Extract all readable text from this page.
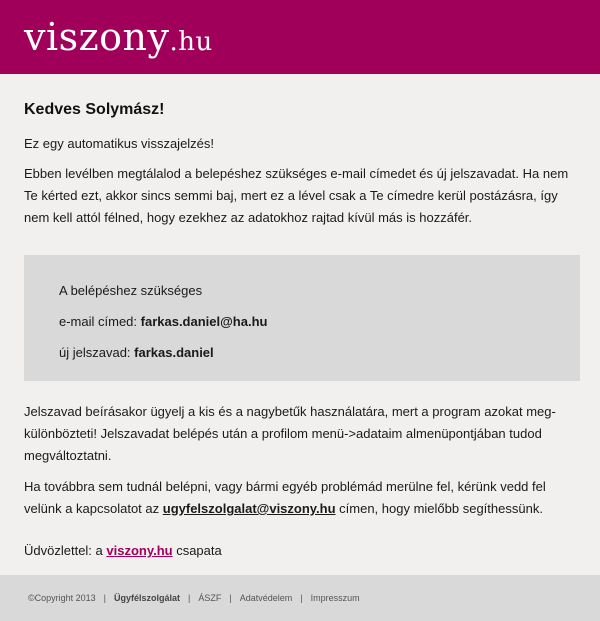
viszony.hu
Kedves Solymász!

Ez egy automatikus visszajelzés!

Ebben levélben megtálalod a belepéshez szükséges e-mail címedet és új jelszavadat. Ha nem Te kérted ezt, akkor sincs semmi baj, mert ez a lével csak a Te címedre kerül postázásra, így nem kell attól félned, hogy ezekhez az adatokhoz rajtad kívül más is hozzáfér.

A belépéshez szükséges

e-mail címed: farkas.daniel@ha.hu

új jelszavad: farkas.daniel

Jelszavad beírásakor ügyelj a kis és a nagybetűk használatára, mert a program azokat meg-különbözteti! Jelszavadat belépés után a profilom menü->adataim almenüpontjában tudod megváltoztatni.

Ha továbbra sem tudnál belépni, vagy bármi egyéb problémád merülne fel, kérünk vedd fel velünk a kapcsolatot az ugyfelszolgalat@viszony.hu címen, hogy mielőbb segíthessünk.

Üdvözlettel: a viszony.hu csapata
©Copyright 2013 | Ügyfélszolgálat | ÁSZF | Adatvédelem | Impresszum
